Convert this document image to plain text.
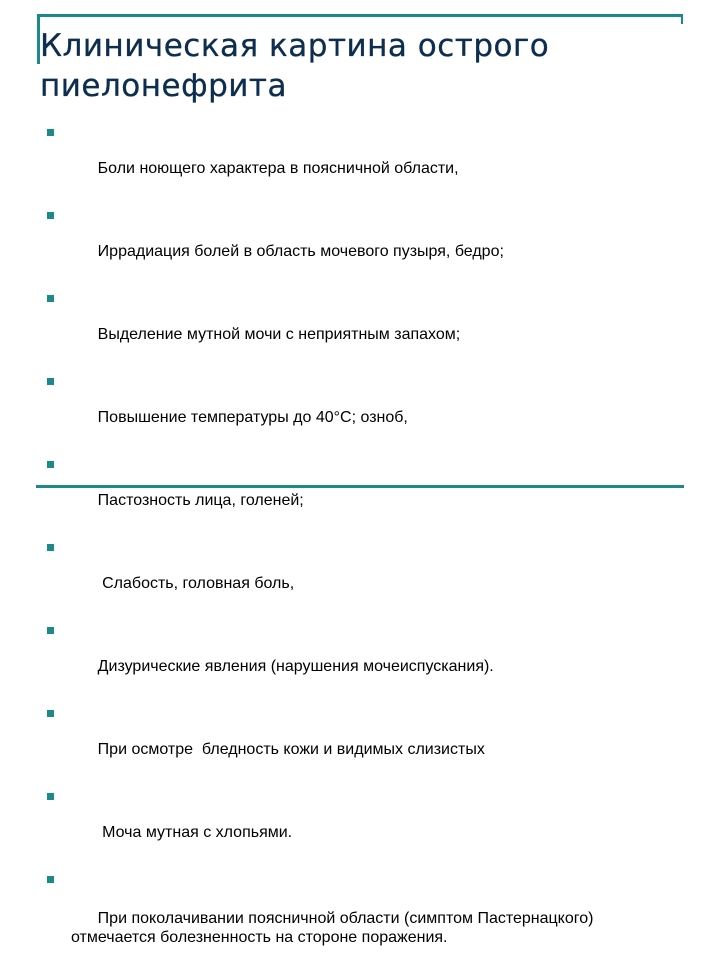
Клиническая картина острого
пиелонефрита

Боли ноющего характера в поясничной области,

Иррадиация болей в область мочевого пузыря, бедро;

Выделение мутной мочи с неприятным запахом;

Повышение температуры до 40°С; озноб,

Пастозность лица, голеней;

Слабость, головная боль,

Дизурические явления (нарушения мочеиспускания).

При осмотре  бледность кожи и видимых слизистых

Моча мутная с хлопьями.

При поколачивании поясничной области (симптом Пастернацкого) отмечается болезненность на стороне поражения.
